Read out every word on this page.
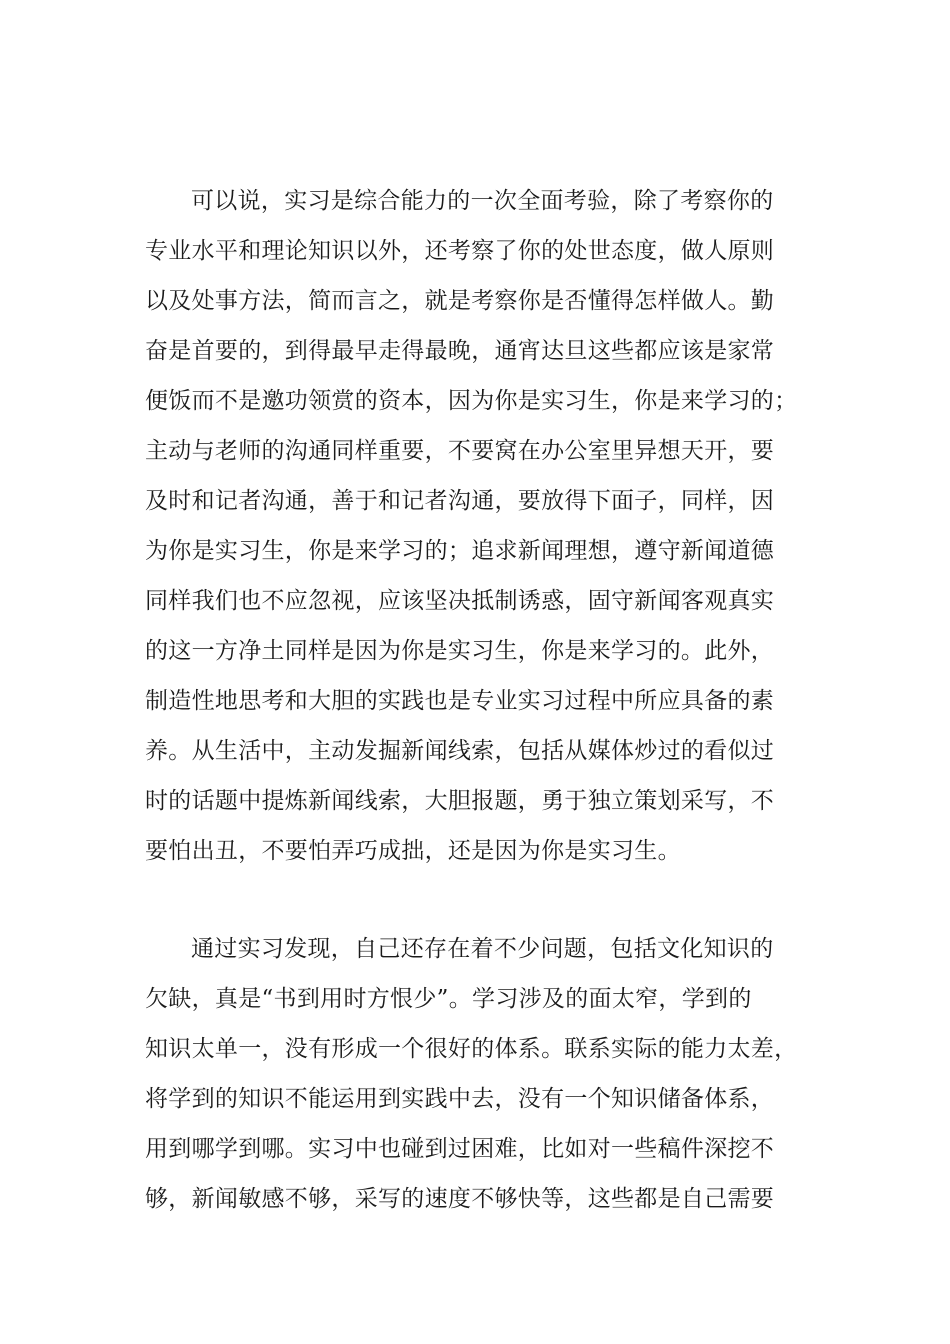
可以说，实习是综合能力的一次全面考验，除了考察你的
专业水平和理论知识以外，还考察了你的处世态度，做人原则
以及处事方法，简而言之，就是考察你是否懂得怎样做人。勤
奋是首要的，到得最早走得最晚，通宵达旦这些都应该是家常
便饭而不是邀功领赏的资本，因为你是实习生，你是来学习的；
主动与老师的沟通同样重要，不要窝在办公室里异想天开，要
及时和记者沟通，善于和记者沟通，要放得下面子，同样，因
为你是实习生，你是来学习的；追求新闻理想，遵守新闻道德
同样我们也不应忽视，应该坚决抵制诱惑，固守新闻客观真实
的这一方净土同样是因为你是实习生，你是来学习的。此外，
制造性地思考和大胆的实践也是专业实习过程中所应具备的素
养。从生活中，主动发掘新闻线索，包括从媒体炒过的看似过
时的话题中提炼新闻线索，大胆报题，勇于独立策划采写，不
要怕出丑，不要怕弄巧成拙，还是因为你是实习生。
通过实习发现，自己还存在着不少问题，包括文化知识的
欠缺，真是“书到用时方恨少”。学习涉及的面太窄，学到的
知识太单一，没有形成一个很好的体系。联系实际的能力太差，
将学到的知识不能运用到实践中去，没有一个知识储备体系，
用到哪学到哪。实习中也碰到过困难，比如对一些稿件深挖不
够，新闻敏感不够，采写的速度不够快等，这些都是自己需要
